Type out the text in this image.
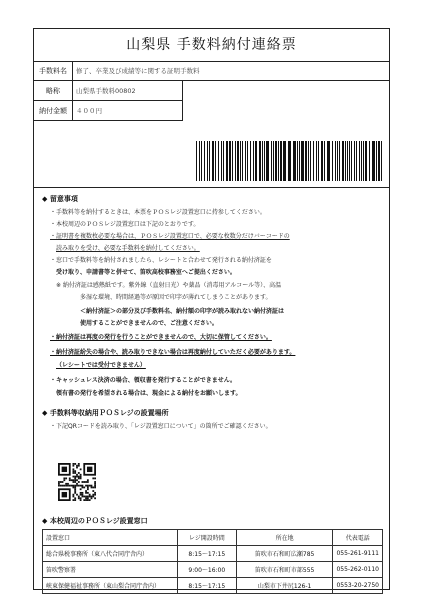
山梨県 手数料納付連絡票
手数料名	修了、卒業及び成績等に関する証明手数料
略称	山梨県手数料00802
納付金額	４００円
◆ 留意事項
・手数料等を納付するときは、本票をＰＯＳレジ設置窓口に持参してください。
・本校周辺のＰＯＳレジ設置窓口は下記のとおりです。
・証明書を複数枚必要な場合は、ＰＯＳレジ設置窓口で、必要な枚数分だけバーコードの
読み取りを受け、必要な手数料を納付してください。
・窓口で手数料等を納付されましたら、レシートと合わせて発行される納付済証を
受け取り、申請書等と併せて、笛吹高校事務室へご提出ください。
※ 納付済証は感熱紙です。紫外線（直射日光）や薬品（消毒用アルコール等）、高温
多湿な環境、時間経過等が原因で印字が薄れてしまうことがあります。
＜納付済証＞の部分及び手数料名、納付額の印字が読み取れない納付済証は
使用することができませんので、ご注意ください。
・納付済証は再度の発行を行うことができませんので、大切に保管してください。
・納付済証紛失の場合や、読み取りできない場合は再度納付していただく必要があります。
（レシートでは受付できません）
・キャッシュレス決済の場合、領収書を発行することができません。
領有書の発行を希望される場合は、現金による納付をお願いします。
◆ 手数料等収納用ＰＯＳレジの設置場所
・下記QRコードを読み取り、「レジ設置窓口について」の箇所でご確認ください。
◆ 本校周辺のＰＯＳレジ設置窓口
設置窓口	レジ開設時間	所在地	代表電話
総合県税事務所（東八代合同庁舎内）	8:15～17:15	笛吹市石和町広瀬785	055-261-9111
笛吹警察署	9:00～16:00	笛吹市石和町市部555	055-262-0110
峡東保健福祉事務所（東山梨合同庁舎内）	8:15～17:15	山梨市下井尻126-1	0553-20-2750
